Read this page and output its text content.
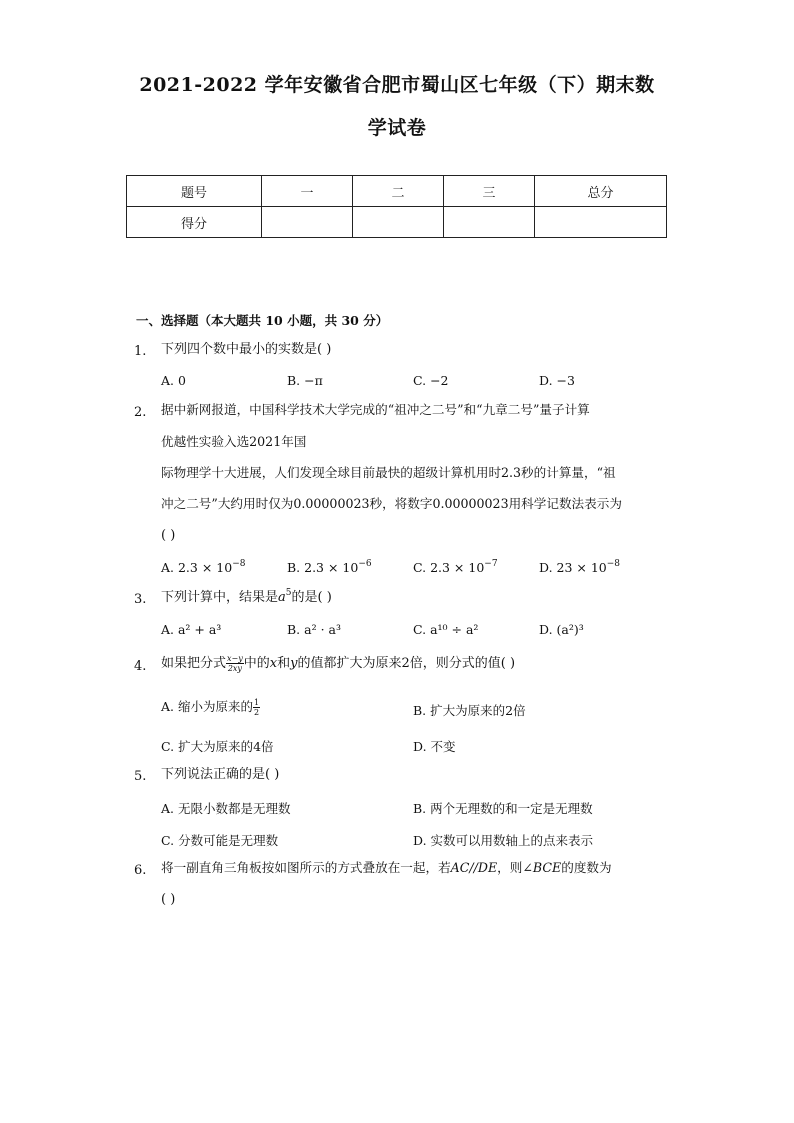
2021-2022 学年安徽省合肥市蜀山区七年级（下）期末数
学试卷
题号	一	二	三	总分
得分				
一、选择题（本大题共 10 小题，共 30 分）
1. 下列四个数中最小的实数是( )
A. 0	B. −π	C. −2	D. −3
2. 据中新网报道，中国科学技术大学完成的“祖冲之二号”和“九章二号”量子计算
优越性实验入选2021年国
际物理学十大进展，人们发现全球目前最快的超级计算机用时2.3秒的计算量，“祖
冲之二号”大约用时仅为0.00000023秒，将数字0.00000023用科学记数法表示为
( )
A. $2.3 \times 10^{-8}$	B. $2.3 \times 10^{-6}$	C. $2.3 \times 10^{-7}$	D. $23 \times 10^{-8}$
3. 下列计算中，结果是$a^5$的是( )
A. a² + a³	B. a² · a³	C. a¹⁰ ÷ a²	D. (a²)³
4. 如果把分式 $\frac{x-y}{2xy}$ 中的x和y的值都扩大为原来2倍，则分式的值( )
A. 缩小为原来的 $\frac{1}{2}$	B. 扩大为原来的2倍
C. 扩大为原来的4倍	D. 不变
5. 下列说法正确的是( )
A. 无限小数都是无理数	B. 两个无理数的和一定是无理数
C. 分数可能是无理数	D. 实数可以用数轴上的点来表示
6. 将一副直角三角板按如图所示的方式叠放在一起，若AC//DE，则∠BCE的度数为
( )
